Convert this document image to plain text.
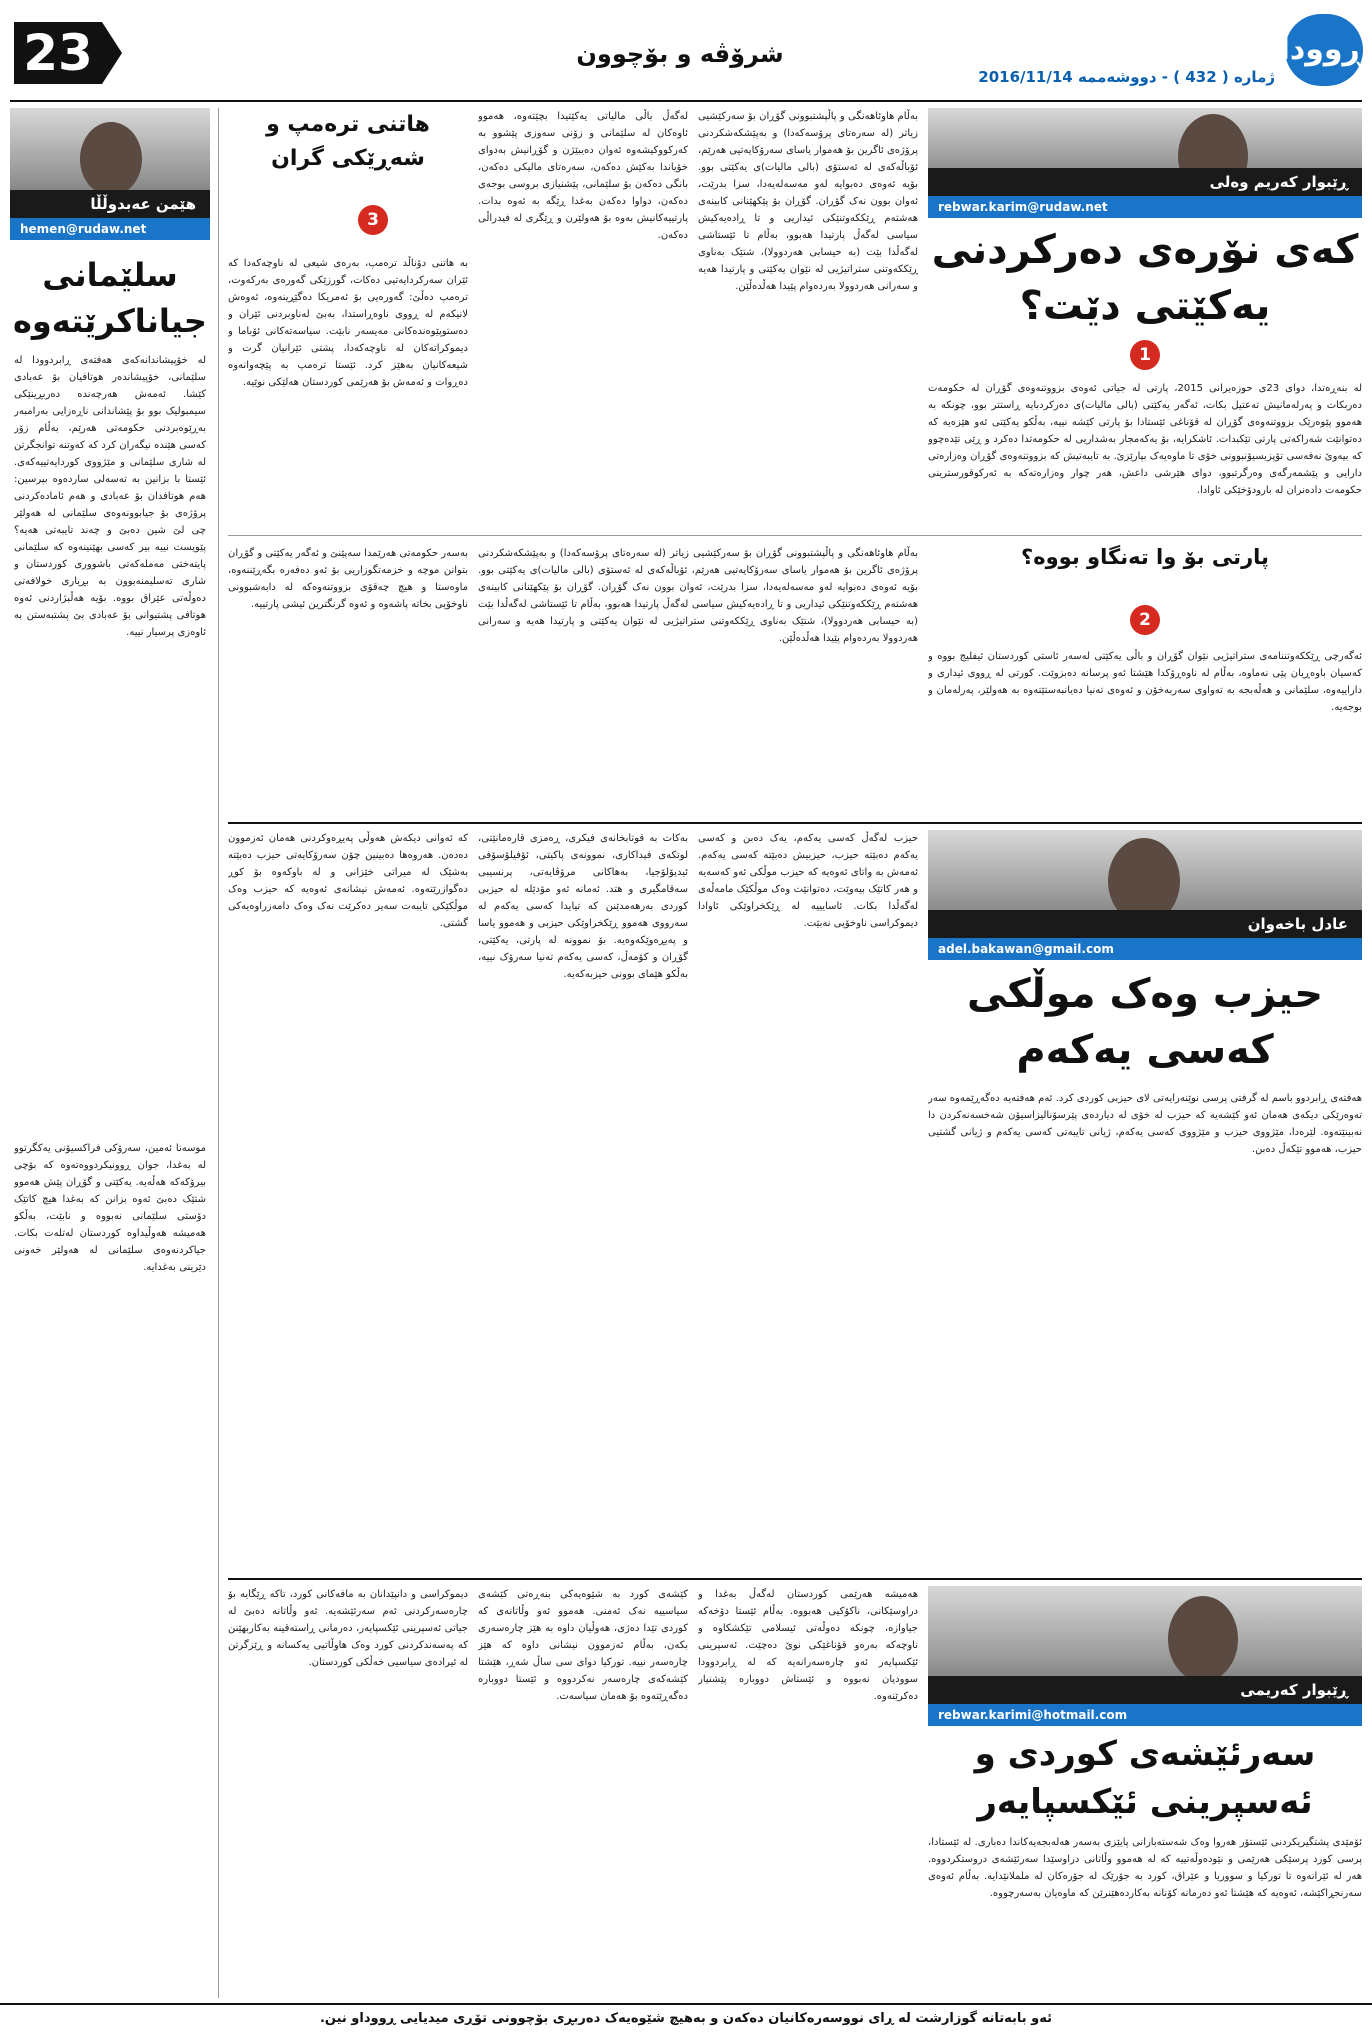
23	شرۆڤە و بۆچوون
ژمارە ( 432 ) - دووشەممە 2016/11/14
ڕووداو
هێمن عەبدوڵڵا
hemen@rudaw.net
سلێمانی جیاناکرێتەوە

لە خۆپیشاندانەکەی هەفتەی ڕابردوودا لە سلێمانی، خۆپیشاندەر هوتافیان بۆ عەبادی کێشا. ئەمەش هەرچەندە دەربڕینێکی سیمبولیک بوو بۆ پێشاندانی ناڕەزایی بەرامبەر بەڕێوەبردنی حکومەتی هەرێم، بەڵام زۆر کەسی هێندە نیگەران کرد کە کەوتنە توانجگرتن لە شاری سلێمانی و مێژووی کوردایەتییەکەی. ئێستا با بزانین بە تەسەلی ساردەوە بپرسین: هەم هوتافدان بۆ عەبادی و هەم ئامادەکردنی پرۆژەی بۆ جیابوونەوەی سلێمانی لە هەولێر چی لێ شین دەبێ و چەند تایبەتی هەیە؟ پێویست نییە بیر کەسی بهێنینەوە کە سلێمانی پایتەختی مەملەکەتی باشووری کوردستان و شاری تەسلیمنەبوون بە بڕیاری خولافەتی دەوڵەتی عێراق بووە. بۆیە هەڵبژاردنی ئەوە هوتافی پشتیوانی بۆ عەبادی بێ پشتبەستن بە ئاوەزی پرسیار نییە.

موسەنا ئەمین، سەرۆکی فراکسیۆنی یەکگرتوو لە بەغدا، جوان ڕوونیکردووەتەوە کە بۆچی بیرۆکەکە هەڵەیە. یەکێتی و گۆڕان پێش هەموو شتێک دەبێ ئەوە بزانن کە بەغدا هیچ کاتێک دۆستی سلێمانی نەبووە و نابێت، بەڵکو هەمیشە هەوڵیداوە کوردستان لەتلەت بکات. جیاکردنەوەی سلێمانی لە هەولێر خەونی دێرینی بەغدایە.

هاتنی ترەمپ و شەڕێکی گران
3

بە هاتنی دۆناڵد ترەمپ، بەرەی شیعی لە ناوچەکەدا کە ئێران سەرکردایەتیی دەکات، گورزێکی گەورەی بەرکەوت، ترەمپ دەڵێ: گەورەیی بۆ ئەمریکا دەگێڕینەوە، ئەوەش لانیکەم لە ڕووی ناوەڕاستدا، بەبێ لەناوبردنی ئێران و دەستوپێوەندەکانی مەیسەر نابێت. سیاسەتەکانی ئۆباما و دیموکراتەکان لە ناوچەکەدا، پشتی ئێرانیان گرت و شیعەکانیان بەهێز کرد. ئێستا ترەمپ بە پێچەوانەوە دەڕوات و ئەمەش بۆ هەرێمی کوردستان هەلێکی نوێیە.

لەگەڵ باڵی مالیاتی یەکێتیدا بچێتەوە، هەموو ئاوەکان لە سلێمانی و زۆنی سەوزی پێشوو بە کەرکووکیشەوە ئەوان دەیبێژن و گۆڕانیش بەدوای خۆیاندا بەکێش دەکەن، سەرەتای مالیکی دەکەن، بانگی دەکەن بۆ سلێمانی، پێشنیازی بروسی بوجەی دەکەن، دواوا دەکەن بەغدا ڕێگە بە ئەوە بدات. پارتییەکانیش بەوە بۆ هەولێرن و ڕێگری لە فیدراڵی دەکەن.

بەڵام هاوئاهەنگی و پاڵپشتبوونی گۆڕان بۆ سەرکێشیی زیاتر (لە سەرەتای پرۆسەکەدا) و بەپێشکەشکردنی پرۆژەی ئاگرین بۆ هەموار یاسای سەرۆکایەتیی هەرێم، ئۆباڵەکەی لە ئەستۆی (بالی مالیات)ی یەکێتی بوو. بۆیە ئەوەی دەبوایە لەو مەسەلەیەدا، سزا بدرێت، ئەوان بوون نەک گۆڕان. گۆڕان بۆ پێکهێنانی کابینەی هەشتەم ڕێککەوتنێکی ئیداریی و تا ڕادەیەکیش سیاسی لەگەڵ پارتیدا هەبوو، بەڵام تا ئێستاشی لەگەڵدا بێت (بە حیسابی هەردوولا)، شتێک بەناوی ڕێککەوتنی ستراتیژیی لە نێوان یەکێتی و پارتیدا هەیە و سەرانی هەردوولا بەردەوام پێیدا هەڵدەڵێن.

ڕێبوار کەریم وەلی
rebwar.karim@rudaw.net
کەی نۆرەی دەرکردنی یەکێتی دێت؟
1

لە بنەڕەتدا، دوای 23ی حوزەیرانی 2015، پارتی لە جیاتی ئەوەی بزووتنەوەی گۆڕان لە حکومەت دەربکات و پەرلەمانیش تەعتیل بکات، ئەگەر یەکێتی (بالی مالیات)ی دەرکردبایە ڕاستتر بوو، چونکە بە هەموو پێوەرێک بزووتنەوەی گۆڕان لە قۆناغی ئێستادا بۆ پارتی کێشە نییە، بەڵکو یەکێتی ئەو هێزەیە کە دەتوانێت شەراکەتی پارتی تێکبدات. ئاشکرایە، بۆ یەکەمجار بەشداریی لە حکومەتدا دەکرد و ڕێی تێدەچوو کە بیەوێ نەفەسی تۆپزیسیۆنبوونی خۆی تا ماوەیەک بپارێزێ. بە تایبەتیش کە بزووتنەوەی گۆڕان وەزارەتی دارایی و پێشمەرگەی وەرگرتبوو، دوای هێرشی داعش، هەر چوار وەزارەتەکە بە ئەرکوقورسترینی حکومەت دادەنران لە بارودۆخێکی ئاوادا.

بەسەر حکومەتی هەرێمدا سەپێنێ و ئەگەر یەکێتی و گۆڕان بتوانن موچە و خزمەتگوزاریی بۆ ئەو دەفەرە بگەڕێننەوە، ماوەستا و هیچ چەقۆی بزووتنەوەکە لە دابەشبوونی ناوخۆیی بخاتە پاشەوە و ئەوە گرنگترین ئیشی پارتییە.

بەڵام هاوئاهەنگی و پاڵپشتبوونی گۆڕان بۆ سەرکێشیی زیاتر (لە سەرەتای پرۆسەکەدا) و بەپێشکەشکردنی پرۆژەی ئاگرین بۆ هەموار یاسای سەرۆکایەتیی هەرێم، ئۆباڵەکەی لە ئەستۆی (بالی مالیات)ی یەکێتی بوو. بۆیە ئەوەی دەبوایە لەو مەسەلەیەدا، سزا بدرێت، ئەوان بوون نەک گۆڕان. گۆڕان بۆ پێکهێنانی کابینەی هەشتەم ڕێککەوتنێکی ئیداریی و تا ڕادەیەکیش سیاسی لەگەڵ پارتیدا هەبوو، بەڵام تا ئێستاشی لەگەڵدا بێت (بە حیسابی هەردوولا)، شتێک بەناوی ڕێککەوتنی ستراتیژیی لە نێوان یەکێتی و پارتیدا هەیە و سەرانی هەردوولا بەردەوام پێیدا هەڵدەڵێن.

پارتی بۆ وا تەنگاو بووە؟
2

ئەگەرچی ڕێککەوتننامەی ستراتیژیی نێوان گۆڕان و باڵی یەکێتی لەسەر ئاستی کوردستان ئیفلیج بووە و کەسیان باوەڕیان پێی نەماوە، بەڵام لە ناوەڕۆکدا هێشتا ئەو پرسانە دەبزوێت. کورتی لە ڕووی ئیداری و داراییەوە، سلێمانی و هەڵەبجە بە تەواوی سەربەخۆن و ئەوەی تەنیا دەیانبەستێتەوە بە هەولێر، پەرلەمان و بوجەیە.

کە ئەوانی دیکەش هەوڵی پەیڕەوکردنی هەمان ئەزموون دەدەن. هەروەها دەبینین چۆن سەرۆکایەتی حیزب دەبێتە بەشێک لە میراتی خێزانی و لە باوکەوە بۆ کوڕ دەگوازرێتەوە. ئەمەش نیشانەی ئەوەیە کە حیزب وەک موڵکێکی تایبەت سەیر دەکرێت نەک وەک دامەزراوەیەکی گشتی.

بەکات بە قوتابخانەی فیکری، ڕەمزی قارەمانێتی، لوتکەی فیداکاری، نموونەی پاکیتی، ئۆفیلۆسۆفی ئیدیۆلۆجیا، بەهاکانی مرۆڤایەتی، پرنسیبی سەقامگیری و هتد. ئەمانە ئەو مۆدێلە لە حیزبی کوردی بەرهەمدێنن کە تیایدا کەسی یەکەم لە سەرووی هەموو ڕێکخراوێکی حیزبی و هەموو یاسا و پەیڕەوێکەوەیە. بۆ نموونە لە پارتی، یەکێتی، گۆڕان و کۆمەڵ، کەسی یەکەم تەنیا سەرۆک نییە، بەڵکو هێمای بوونی حیزبەکەیە.

حیزب لەگەڵ کەسی یەکەم، یەک دەبن و کەسی یەکەم دەبێتە حیزب، حیزبیش دەبێتە کەسی یەکەم. ئەمەش بە واتای ئەوەیە کە حیزب موڵکی ئەو کەسەیە و هەر کاتێک بیەوێت، دەتوانێت وەک موڵکێک مامەڵەی لەگەڵدا بکات. ئاسایییە لە ڕێکخراوێکی ئاوادا دیموکراسی ناوخۆیی نەبێت.	عادل باخەوان
adel.bakawan@gmail.com
حیزب وەک موڵکی کەسی یەکەم

هەفتەی ڕابردوو باسم لە گرفتی پرسی نوێنەرایەتی لای حیزبی کوردی کرد. ئەم هەفتەیە دەگەڕێمەوە سەر تەوەرێکی دیکەی هەمان ئەو کێشەیە کە حیزب لە خۆی لە دیاردەی پێرسۆنالیزاسیۆن شەخسەنەکردن دا نەبینێتەوە. لێرەدا، مێژووی حیزب و مێژووی کەسی یەکەم، ژیانی تایبەتی کەسی یەکەم و ژیانی گشتیی حیزب، هەموو تێکەڵ دەبن.

دیموکراسی و دانپێدانان بە مافەکانی کورد، تاکە ڕێگایە بۆ چارەسەرکردنی ئەم سەرئێشەیە. ئەو وڵاتانە دەبێ لە جیاتی ئەسپرینی ئێکسپایەر، دەرمانی ڕاستەقینە بەکاربهێنن کە پەسەندکردنی کورد وەک هاوڵاتیی یەکسانە و ڕێزگرتن لە ئیرادەی سیاسیی خەڵکی کوردستان.

کێشەی کورد بە شێوەیەکی بنەڕەتی کێشەی سیاسییە نەک ئەمنی. هەموو ئەو وڵاتانەی کە کوردی تێدا دەژی، هەوڵیان داوە بە هێز چارەسەری بکەن، بەڵام ئەزموون نیشانی داوە کە هێز چارەسەر نییە. تورکیا دوای سی ساڵ شەڕ، هێشتا کێشەکەی چارەسەر نەکردووە و ئێستا دووبارە دەگەڕێتەوە بۆ هەمان سیاسەت.

هەمیشە هەرێمی کوردستان لەگەڵ بەغدا و دراوسێکانی، ناکۆکیی هەبووە. بەڵام ئێستا دۆخەکە جیاوازە، چونکە دەوڵەتی ئیسلامی تێکشکاوە و ناوچەکە بەرەو قۆناغێکی نوێ دەچێت. ئەسپرینی ئێکسپایەر ئەو چارەسەرانەیە کە لە ڕابردوودا سوودیان نەبووە و ئێستاش دووبارە پێشنیار دەکرێنەوە.	ڕێبوار کەریمی
rebwar.karimi@hotmail.com
سەرئێشەی کوردی و ئەسپرینی ئێکسپایەر

ئۆمێدی پشتگیریکردنی ئێستۆر هەروا وەک شەستەبارانی پایێزی بەسەر هەلەبجەیەکاندا دەباری. لە ئێستادا، پرسی کورد پرسێکی هەرێمی و نێودەوڵەتییە کە لە هەموو وڵاتانی دراوسێدا سەرئێشەی دروستکردووە. هەر لە ئێرانەوە تا تورکیا و سووریا و عێراق، کورد بە جۆرێک لە جۆرەکان لە ململانێدایە. بەڵام ئەوەی سەرنجڕاکێشە، ئەوەیە کە هێشتا ئەو دەرمانە کۆنانە بەکاردەهێنرێن کە ماوەیان بەسەرچووە.

ئەو بابەتانە گوزارشت لە ڕای نووسەرەکانیان دەکەن و بەهیچ شێوەیەک دەربڕی بۆچوونی تۆڕی میدیایی ڕووداو نین.
